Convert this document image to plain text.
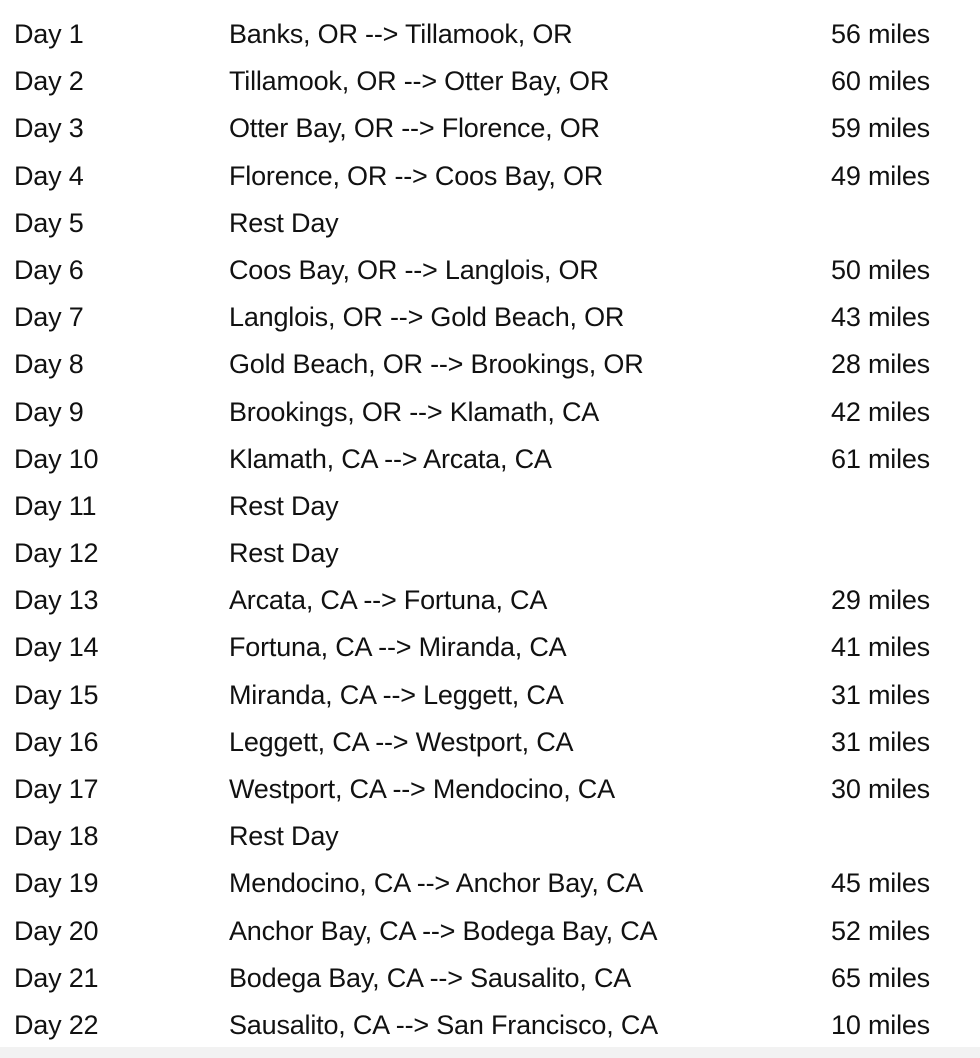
Day 1	Banks, OR --> Tillamook, OR	56 miles
Day 2	Tillamook, OR --> Otter Bay, OR	60 miles
Day 3	Otter Bay, OR --> Florence, OR	59 miles
Day 4	Florence, OR --> Coos Bay, OR	49 miles
Day 5	Rest Day
Day 6	Coos Bay, OR --> Langlois, OR	50 miles
Day 7	Langlois, OR --> Gold Beach, OR	43 miles
Day 8	Gold Beach, OR --> Brookings, OR	28 miles
Day 9	Brookings, OR --> Klamath, CA	42 miles
Day 10	Klamath, CA --> Arcata, CA	61 miles
Day 11	Rest Day
Day 12	Rest Day
Day 13	Arcata, CA --> Fortuna, CA	29 miles
Day 14	Fortuna, CA --> Miranda, CA	41 miles
Day 15	Miranda, CA --> Leggett, CA	31 miles
Day 16	Leggett, CA --> Westport, CA	31 miles
Day 17	Westport, CA --> Mendocino, CA	30 miles
Day 18	Rest Day
Day 19	Mendocino, CA --> Anchor Bay, CA	45 miles
Day 20	Anchor Bay, CA --> Bodega Bay, CA	52 miles
Day 21	Bodega Bay, CA --> Sausalito, CA	65 miles
Day 22	Sausalito, CA --> San Francisco, CA	10 miles
